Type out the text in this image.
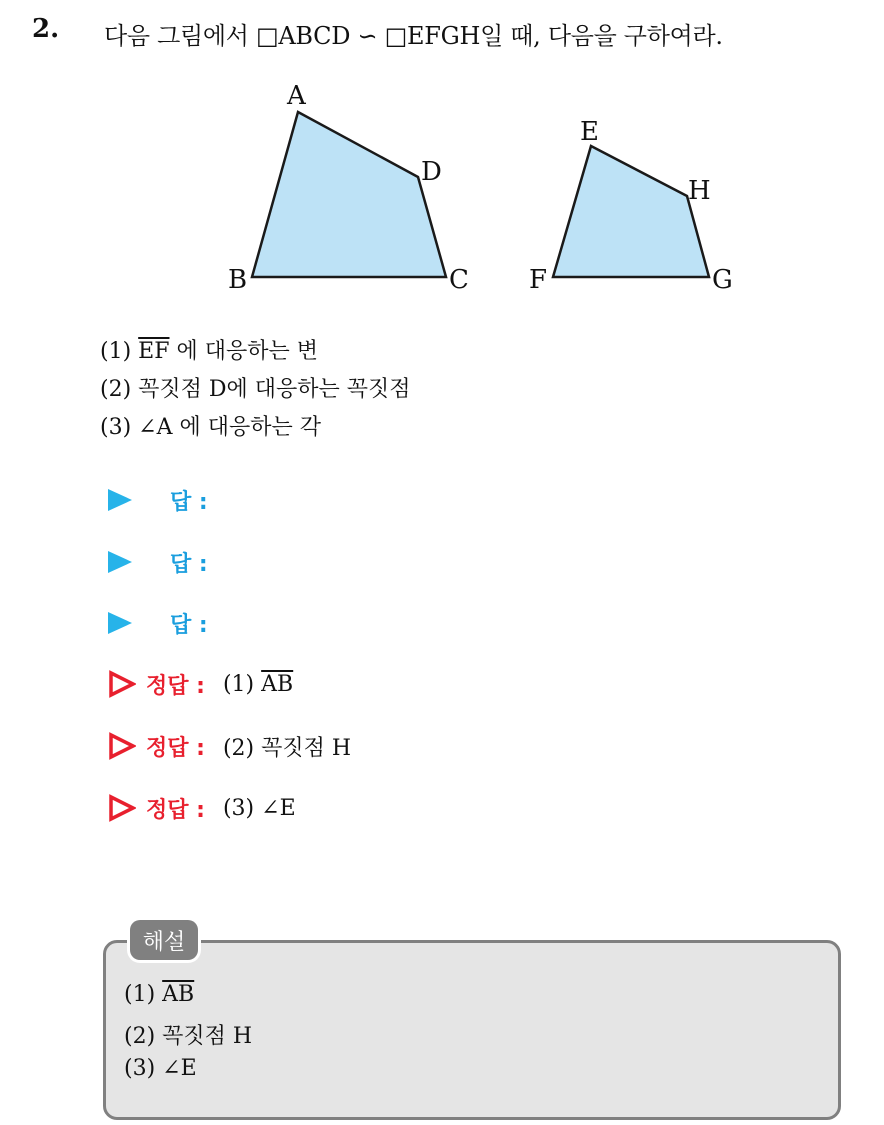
2. 다음 그림에서 □ABCD ∽ □EFGH일 때, 다음을 구하여라.
A
D
B	C
E
H
F	G
(1) $\overline{EF}$ 에 대응하는 변
(2) 꼭짓점 D에 대응하는 꼭짓점
(3) ∠A 에 대응하는 각
답 :
답 :
답 :
정답 : (1) $\overline{AB}$
정답 : (2) 꼭짓점 H
정답 : (3) ∠E
해설
(1) $\overline{AB}$
(2) 꼭짓점 H
(3) ∠E
